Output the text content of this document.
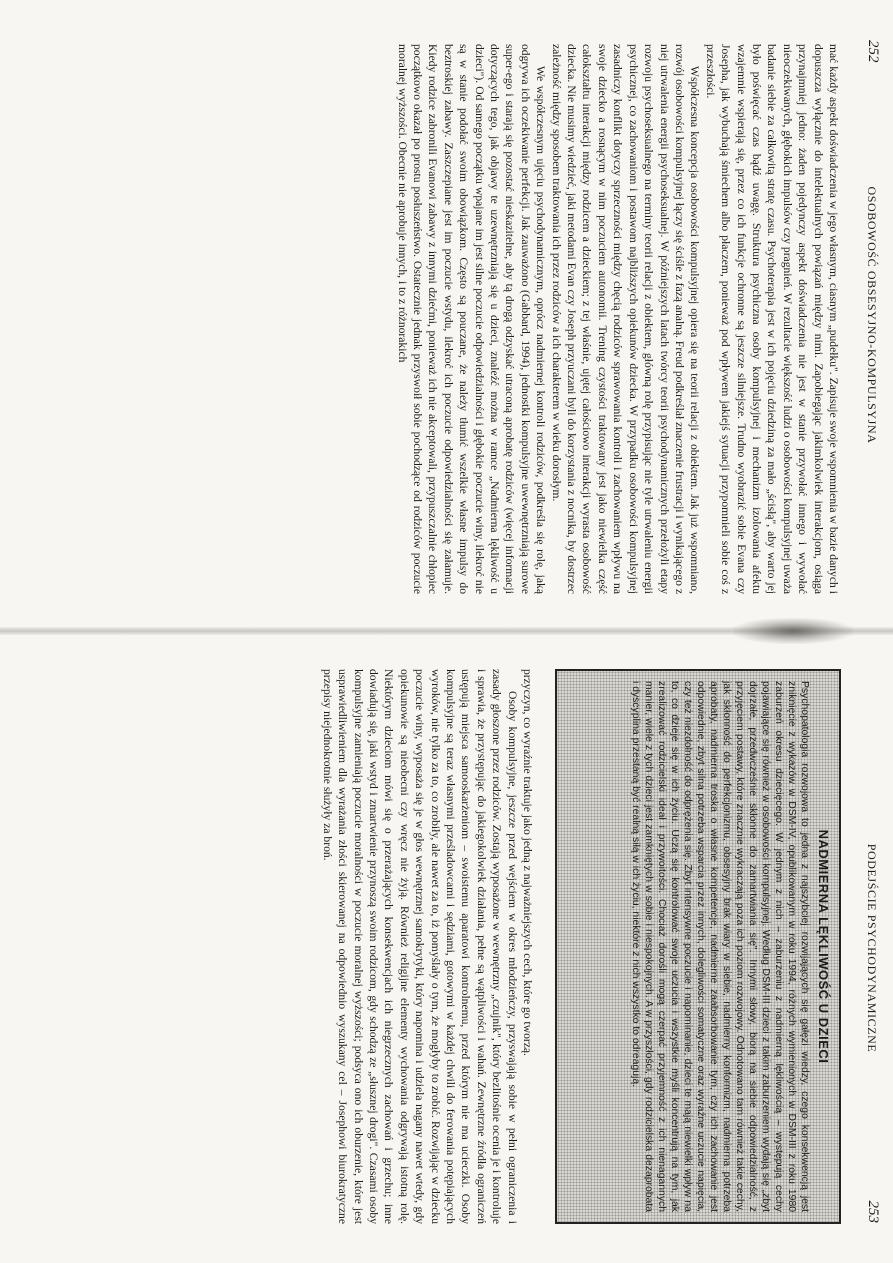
252
OSOBOWOŚĆ OBSESYJNO-KOMPULSYJNA

mać każdy aspekt doświadczenia w jego własnym, ciasnym „pudełku". Zapisuje swoje wspomnienia w bazie danych i dopuszcza wyłącznie do intelektualnych powiązań między nimi. Zapobiegając jakimkolwiek interakcjom, osiąga przynajmniej jedno: żaden pojedynczy aspekt doświadczenia nie jest w stanie przywołać innego i wywołać nieoczekiwanych, głębokich impulsów czy pragnień. W rezultacie większość ludzi o osobowości kompulsyjnej uważa badanie siebie za całkowitą stratę czasu. Psychoterapia jest w ich pojęciu dziedziną za mało „ścisłą", aby warto jej było poświęcać czas bądź uwagę. Struktura psychiczna osoby kompulsyjnej i mechanizm izolowania afektu wzajemnie wspierają się, przez co ich funkcje ochronne są jeszcze silniejsze. Trudno wyobrazić sobie Evana czy Josepha, jak wybuchają śmiechem albo płaczem, ponieważ pod wpływem jakiejś sytuacji przypomnieli sobie coś z przeszłości.

Współczesna koncepcja osobowości kompulsyjnej opiera się na teorii relacji z obiektem. Jak już wspomniano, rozwój osobowości kompulsyjnej łączy się ściśle z fazą analną. Freud podkreślał znaczenie frustracji i wynikającego z niej utrwalenia energii psychoseksualnej. W późniejszych latach twórcy teorii psychodynamicznych przełożyli etapy rozwoju psychoseksualnego na terminy teorii relacji z obiektem, główną rolę przypisując nie tyle utrwaleniu energii psychicznej, co zachowaniom i postawom najbliższych opiekunów dziecka. W przypadku osobowości kompulsyjnej zasadniczy konflikt dotyczy sprzeczności między chęcią rodziców sprawowania kontroli i zachowaniem wpływu na swoje dziecko a rosnącym w nim poczuciem autonomii. Trening czystości traktowany jest jako niewielka część całokształtu interakcji między rodzicem a dzieckiem; z tej właśnie, ujętej całościowo interakcji wyrasta osobowość dziecka. Nie musimy wiedzieć, jaki metodami Evan czy Joseph przyuczani byli do korzystania z nocnika, by dostrzec zależność między sposobem traktowania ich przez rodziców a ich charakterem w wieku dorosłym.

We współczesnym ujęciu psychodynamicznym, oprócz nadmiernej kontroli rodziców, podkreśla się rolę, jaką odgrywa ich oczekiwanie perfekcji. Jak zauważono (Gabbard, 1994), jednostki kompulsyjne uwewnętrzniają surowe super-ego i starają się pozostać nieskazitelne, aby tą drogą odzyskać utraconą aprobatę rodziców (więcej informacji dotyczących tego, jak objawy te uzewnętrzniają się u dzieci, znaleźć można w ramce „Nadmierna lękliwość u dzieci"). Od samego początku wpajane im jest silne poczucie odpowiedzialności i głębokie poczucie winy, ilekroć nie są w stanie podołać swoim obowiązkom. Często są pouczane, że należy tłumić wszelkie własne impulsy do beztroskiej zabawy. Zaszczepiane jest im poczucie wstydu, ilekroć ich poczucie odpowiedzialności się załamuje. Kiedy rodzice zabronili Evanowi zabawy z innymi dziećmi, ponieważ ich nie akceptowali, przypuszczalnie chłopiec początkowo okazał po prostu posłuszeństwo. Ostatecznie jednak przyswoił sobie pochodzące od rodziców poczucie moralnej wyższości. Obecnie nie aprobuje innych, i to z różnorakich

253
PODEJŚCIE PSYCHODYNAMICZNE
NADMIERNA LĘKLIWOŚĆ U DZIECI
Psychopatologia rozwojowa to jedna z najszybciej rozwijających się gałęzi wiedzy, czego konsekwencją jest zniknięcie z wykazów w DSM-IV, opublikowanym w roku 1994, różnych wymienionych w DSM-III z roku 1980 zaburzeń okresu dziecięcego. W jednym z nich – zaburzeniu z nadmierną lękliwością – występują cechy pojawiające się również w osobowości kompulsyjnej. Według DSM-III dzieci z takim zaburzeniem wydają się „zbyt dojrzałe, przedwcześnie skłonne do zamartwiania się". Innymi słowy, biorą na siebie odpowiedzialność, z przyjęciem postawy, które znacznie wykraczają poza ich poziom rozwojowy. Odnotowano tam również takie cechy, jak skłonność do perfekcjonizmu, obsesyjny brak wiary w siebie, nadmierny konformizm, nadmierna potrzeba aprobaty, nadmierna troska o własne kompetencje, nadmierne zaabsorbowanie tym, czy ich zachowanie jest odpowiednie, zbyt silna potrzeba wsparcia przez innych, dolegliwości somatyczne oraz wyraźne uczucie napięcia, czy też niezdolność do odprężenia się. Zbyt intensywne poczucie i napominanie, dzieci te mają niewielki wpływ na to, co dzieje się w ich życiu. Uczą się kontrolować swoje uczucia i wszystkie myśli koncentrują na tym, jak zrealizować rodzicielski ideał i przywoitości. Chociaż dorośli mogą czerpać przyjemność z ich nienagannych manier, wiele z tych dzieci jest zamkniętych w sobie i niespokojnych. A w przyszłości, gdy rodzicielska dezaprobata i dyscyplina przestaną być realną siłą w ich życiu, niektóre z nich wszystko to odreagują.

przyczyn, co wyraźnie traktuje jako jedną z najważniejszych cech, które go tworzą.

Osoby kompulsyjne, jeszcze przed wejściem w okres młodzieńczy, przyswajają sobie w pełni ograniczenia i zasady głoszone przez rodziców. Zostają wyposażone w wewnętrzny „czujnik", który bezlitośnie ocenia je i kontroluje i sprawia, że przystępując do jakiegokolwiek działania, pełne są wątpliwości i wahań. Zewnętrzne źródła ograniczeń ustępują miejsca samooskarżeniom – swoistemu aparatowi kontrolnemu, przed którym nie ma ucieczki. Osoby kompulsyjne są teraz własnymi prześladowcami i sędziami, gotowymi w każdej chwili do ferowania potępiających wyroków, nie tylko za to, co zrobiły, ale nawet za to, iż pomyślały o tym, że mogłyby to zrobić. Rozwijając w dziecku poczucie winy, wyposaża się je w głos wewnętrznej samokrytyki, który napomina i udziela nagany nawet wtedy, gdy opiekunowie są nieobecni czy wręcz nie żyją. Również religijne elementy wychowania odgrywają istotną rolę. Niektórym dzieciom mówi się o przerażających konsekwencjach ich niegrzecznych zachowań i grzechu; inne dowiadują się, jaki wstyd i zmartwienie przynoszą swoim rodzicom, gdy schodzą ze „słusznej drogi". Czasami osoby kompulsyjne zamieniają poczucie moralności w poczucie moralnej wyższości; podsyca ono ich oburzenie, które jest usprawiedliwieniem dla wyrażania złości skierowanej na odpowiednio wyszukany cel – Josephowi biurokratyczne przepisy niejednokrotnie służyły za broń.
